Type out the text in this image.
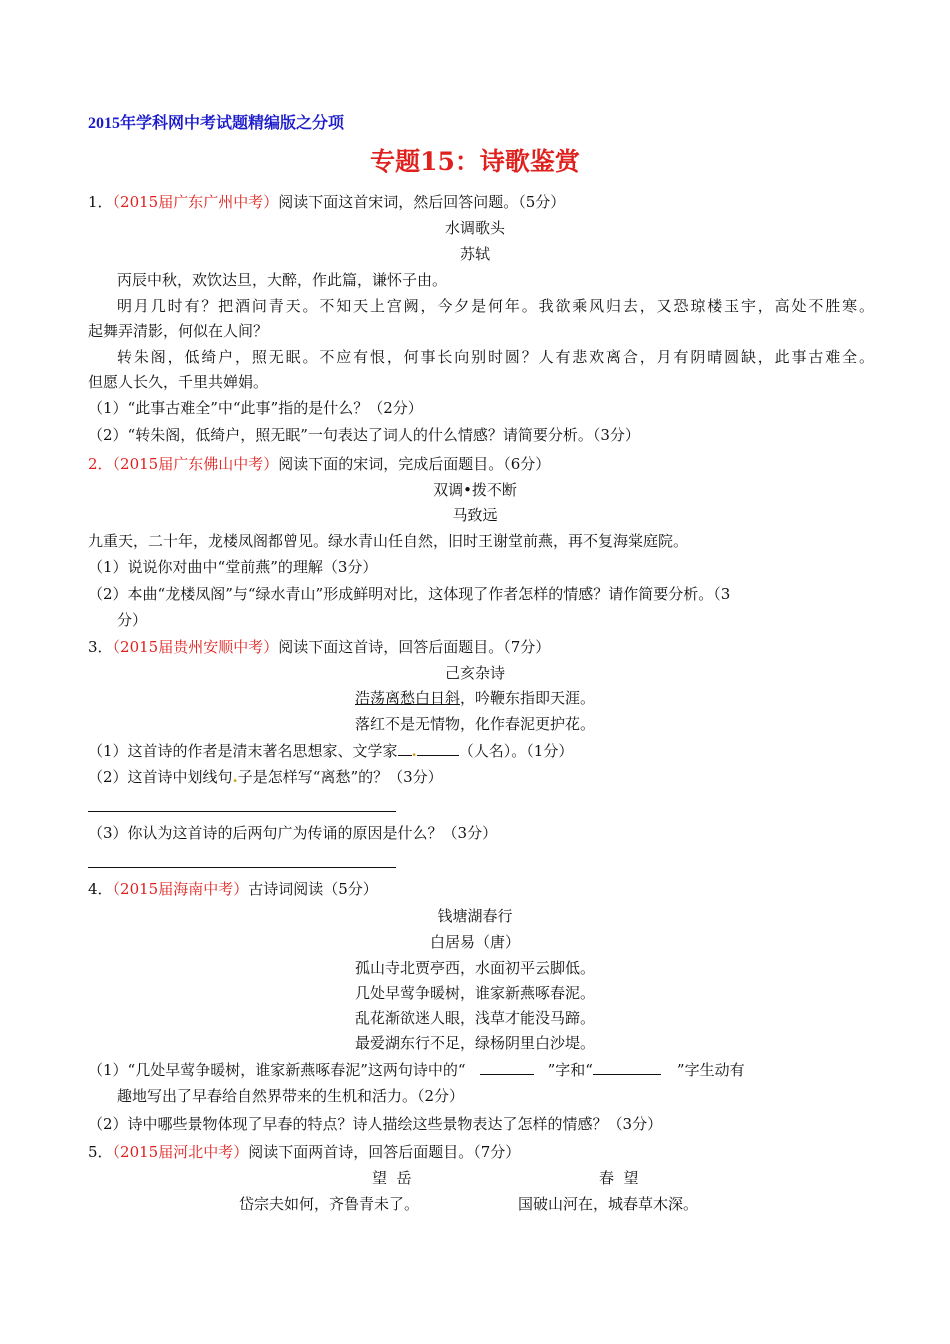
2015年学科网中考试题精编版之分项
专题15：诗歌鉴赏
1．（2015届广东广州中考）阅读下面这首宋词，然后回答问题。（5分）
水调歌头
苏轼
丙辰中秋，欢饮达旦，大醉，作此篇，谦怀子由。
明月几时有？把酒问青天。不知天上宫阙，今夕是何年。我欲乘风归去，又恐琼楼玉宇，高处不胜寒。
起舞弄清影，何似在人间？
转朱阁，低绮户，照无眠。不应有恨，何事长向别时圆？人有悲欢离合，月有阴晴圆缺，此事古难全。
但愿人长久，千里共婵娟。
（1）“此事古难全”中“此事”指的是什么？（2分）
（2）“转朱阁，低绮户，照无眠”一句表达了词人的什么情感？请简要分析。（3分）
2．（2015届广东佛山中考）阅读下面的宋词，完成后面题目。（6分）
双调•拨不断
马致远
九重天，二十年，龙楼凤阁都曾见。绿水青山任自然，旧时王谢堂前燕，再不复海棠庭院。
（1）说说你对曲中“堂前燕”的理解（3分）
（2）本曲“龙楼凤阁”与“绿水青山”形成鲜明对比，这体现了作者怎样的情感？请作简要分析。（3
分）
3．（2015届贵州安顺中考）阅读下面这首诗，回答后面题目。（7分）
己亥杂诗
浩荡离愁白日斜，吟鞭东指即天涯。
落红不是无情物，化作春泥更护花。
（1）这首诗的作者是清末著名思想家、文学家 .	（人名）。（1分）
（2）这首诗中划线句.子是怎样写“离愁”的？（3分）
（3）你认为这首诗的后两句广为传诵的原因是什么？（3分）
4．（2015届海南中考）古诗词阅读（5分）
钱塘湖春行
白居易（唐）
孤山寺北贾亭西，水面初平云脚低。
几处早莺争暖树，谁家新燕啄春泥。
乱花渐欲迷人眼，浅草才能没马蹄。
最爱湖东行不足，绿杨阴里白沙堤。
（1）“几处早莺争暖树，谁家新燕啄春泥”这两句诗中的“	”字和“	”字生动有
趣地写出了早春给自然界带来的生机和活力。（2分）
（2）诗中哪些景物体现了早春的特点？诗人描绘这些景物表达了怎样的情感？（3分）
5．（2015届河北中考）阅读下面两首诗，回答后面题目。（7分）
望  岳	春  望
岱宗夫如何，齐鲁青未了。	国破山河在，城春草木深。
